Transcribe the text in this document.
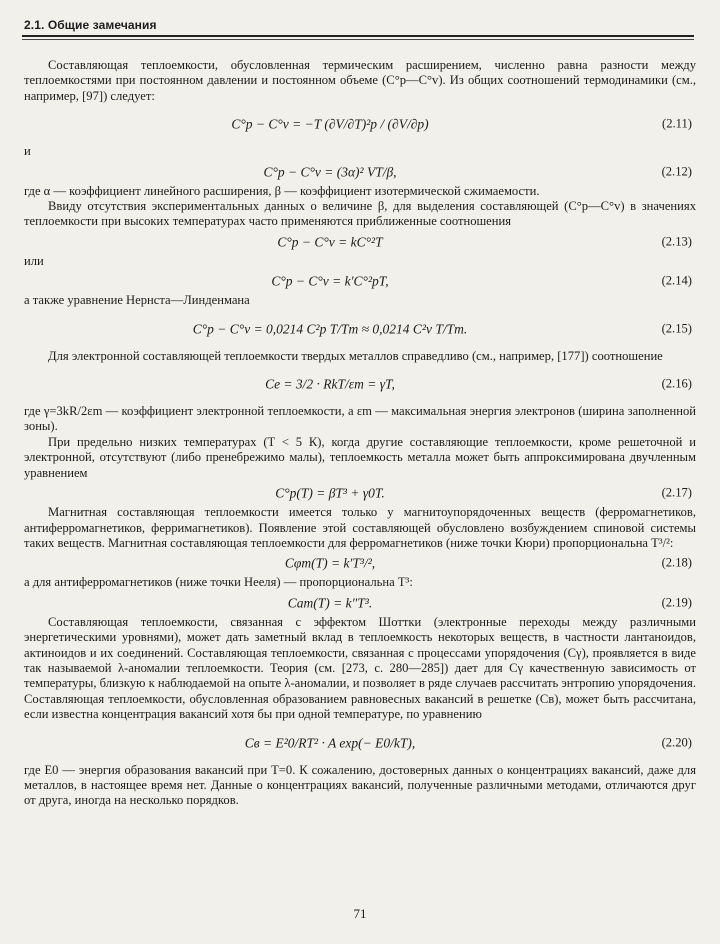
2.1. Общие замечания

Составляющая теплоемкости, обусловленная термическим расширением, численно равна разности между теплоемкостями при постоянном давлении и постоянном объеме (C°p—C°v). Из общих соотношений термодинамики (см., например, [97]) следует:

C°p − C°v = −T (∂V/∂T)²p / (∂V/∂p)	(2.11)

и

C°p − C°v = (3α)² VT/β,	(2.12)

где α — коэффициент линейного расширения, β — коэффициент изотермической сжимаемости.

Ввиду отсутствия экспериментальных данных о величине β, для выделения составляющей (C°p—C°v) в значениях теплоемкости при высоких температурах часто применяются приближенные соотношения

C°p − C°v = kC°²T	(2.13)

или

C°p − C°v = k′C°²pT,	(2.14)

а также уравнение Нернста—Линденмана

C°p − C°v = 0,0214 C²p T/Tm ≈ 0,0214 C²v T/Tm.	(2.15)

Для электронной составляющей теплоемкости твердых металлов справедливо (см., например, [177]) соотношение

Ce = 3/2 · RkT/εm = γT,	(2.16)

где γ=3kR/2εm — коэффициент электронной теплоемкости, а εm — максимальная энергия электронов (ширина заполненной зоны).

При предельно низких температурах (T < 5 К), когда другие составляющие теплоемкости, кроме решеточной и электронной, отсутствуют (либо пренебрежимо малы), теплоемкость металла может быть аппроксимирована двучленным уравнением

C°p(T) = βT³ + γ0T.	(2.17)

Магнитная составляющая теплоемкости имеется только у магнитоупорядоченных веществ (ферромагнетиков, антиферромагнетиков, ферримагнетиков). Появление этой составляющей обусловлено возбуждением спиновой системы таких веществ. Магнитная составляющая теплоемкости для ферромагнетиков (ниже точки Кюри) пропорциональна T³/²:

Cφm(T) = k′T³/²,	(2.18)

а для антиферромагнетиков (ниже точки Нееля) — пропорциональна T³:

Cam(T) = k″T³.	(2.19)

Составляющая теплоемкости, связанная с эффектом Шоттки (электронные переходы между различными энергетическими уровнями), может дать заметный вклад в теплоемкость некоторых веществ, в частности лантаноидов, актиноидов и их соединений. Составляющая теплоемкости, связанная с процессами упорядочения (Cγ), проявляется в виде так называемой λ-аномалии теплоемкости. Теория (см. [273, с. 280—285]) дает для Cγ качественную зависимость от температуры, близкую к наблюдаемой на опыте λ-аномалии, и позволяет в ряде случаев рассчитать энтропию упорядочения. Составляющая теплоемкости, обусловленная образованием равновесных вакансий в решетке (Cв), может быть рассчитана, если известна концентрация вакансий хотя бы при одной температуре, по уравнению

Cв = E²0/RT² · A exp(− E0/kT),	(2.20)

где E0 — энергия образования вакансий при T=0. К сожалению, достоверных данных о концентрациях вакансий, даже для металлов, в настоящее время нет. Данные о концентрациях вакансий, полученные различными методами, отличаются друг от друга, иногда на несколько порядков.

71
